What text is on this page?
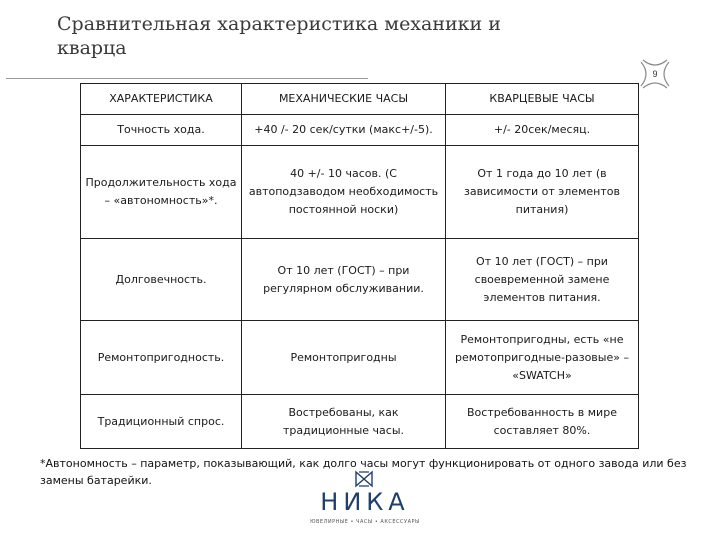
Сравнительная характеристика механики и кварца
9
ХАРАКТЕРИСТИКА	МЕХАНИЧЕСКИЕ ЧАСЫ	КВАРЦЕВЫЕ ЧАСЫ
Точность хода.	+40 /- 20 сек/сутки (макс+/-5).	+/- 20сек/месяц.
Продолжительность хода – «автономность»*.	40 +/- 10 часов. (С автоподзаводом необходимость постоянной носки)	От 1 года до 10 лет (в зависимости от элементов питания)
Долговечность.	От 10 лет (ГОСТ) – при регулярном обслуживании.	От 10 лет (ГОСТ) – при своевременной замене элементов питания.
Ремонтопригодность.	Ремонтопригодны	Ремонтопригодны, есть «не ремотопригодные-разовые» – «SWATCH»
Традиционный спрос.	Востребованы, как традиционные часы.	Востребованность в мире составляет 80%.
*Автономность – параметр, показывающий, как долго часы могут функционировать от одного завода или без замены батарейки.
НИКА
ЮВЕЛИРНЫЕ • ЧАСЫ • АКСЕССУАРЫ
